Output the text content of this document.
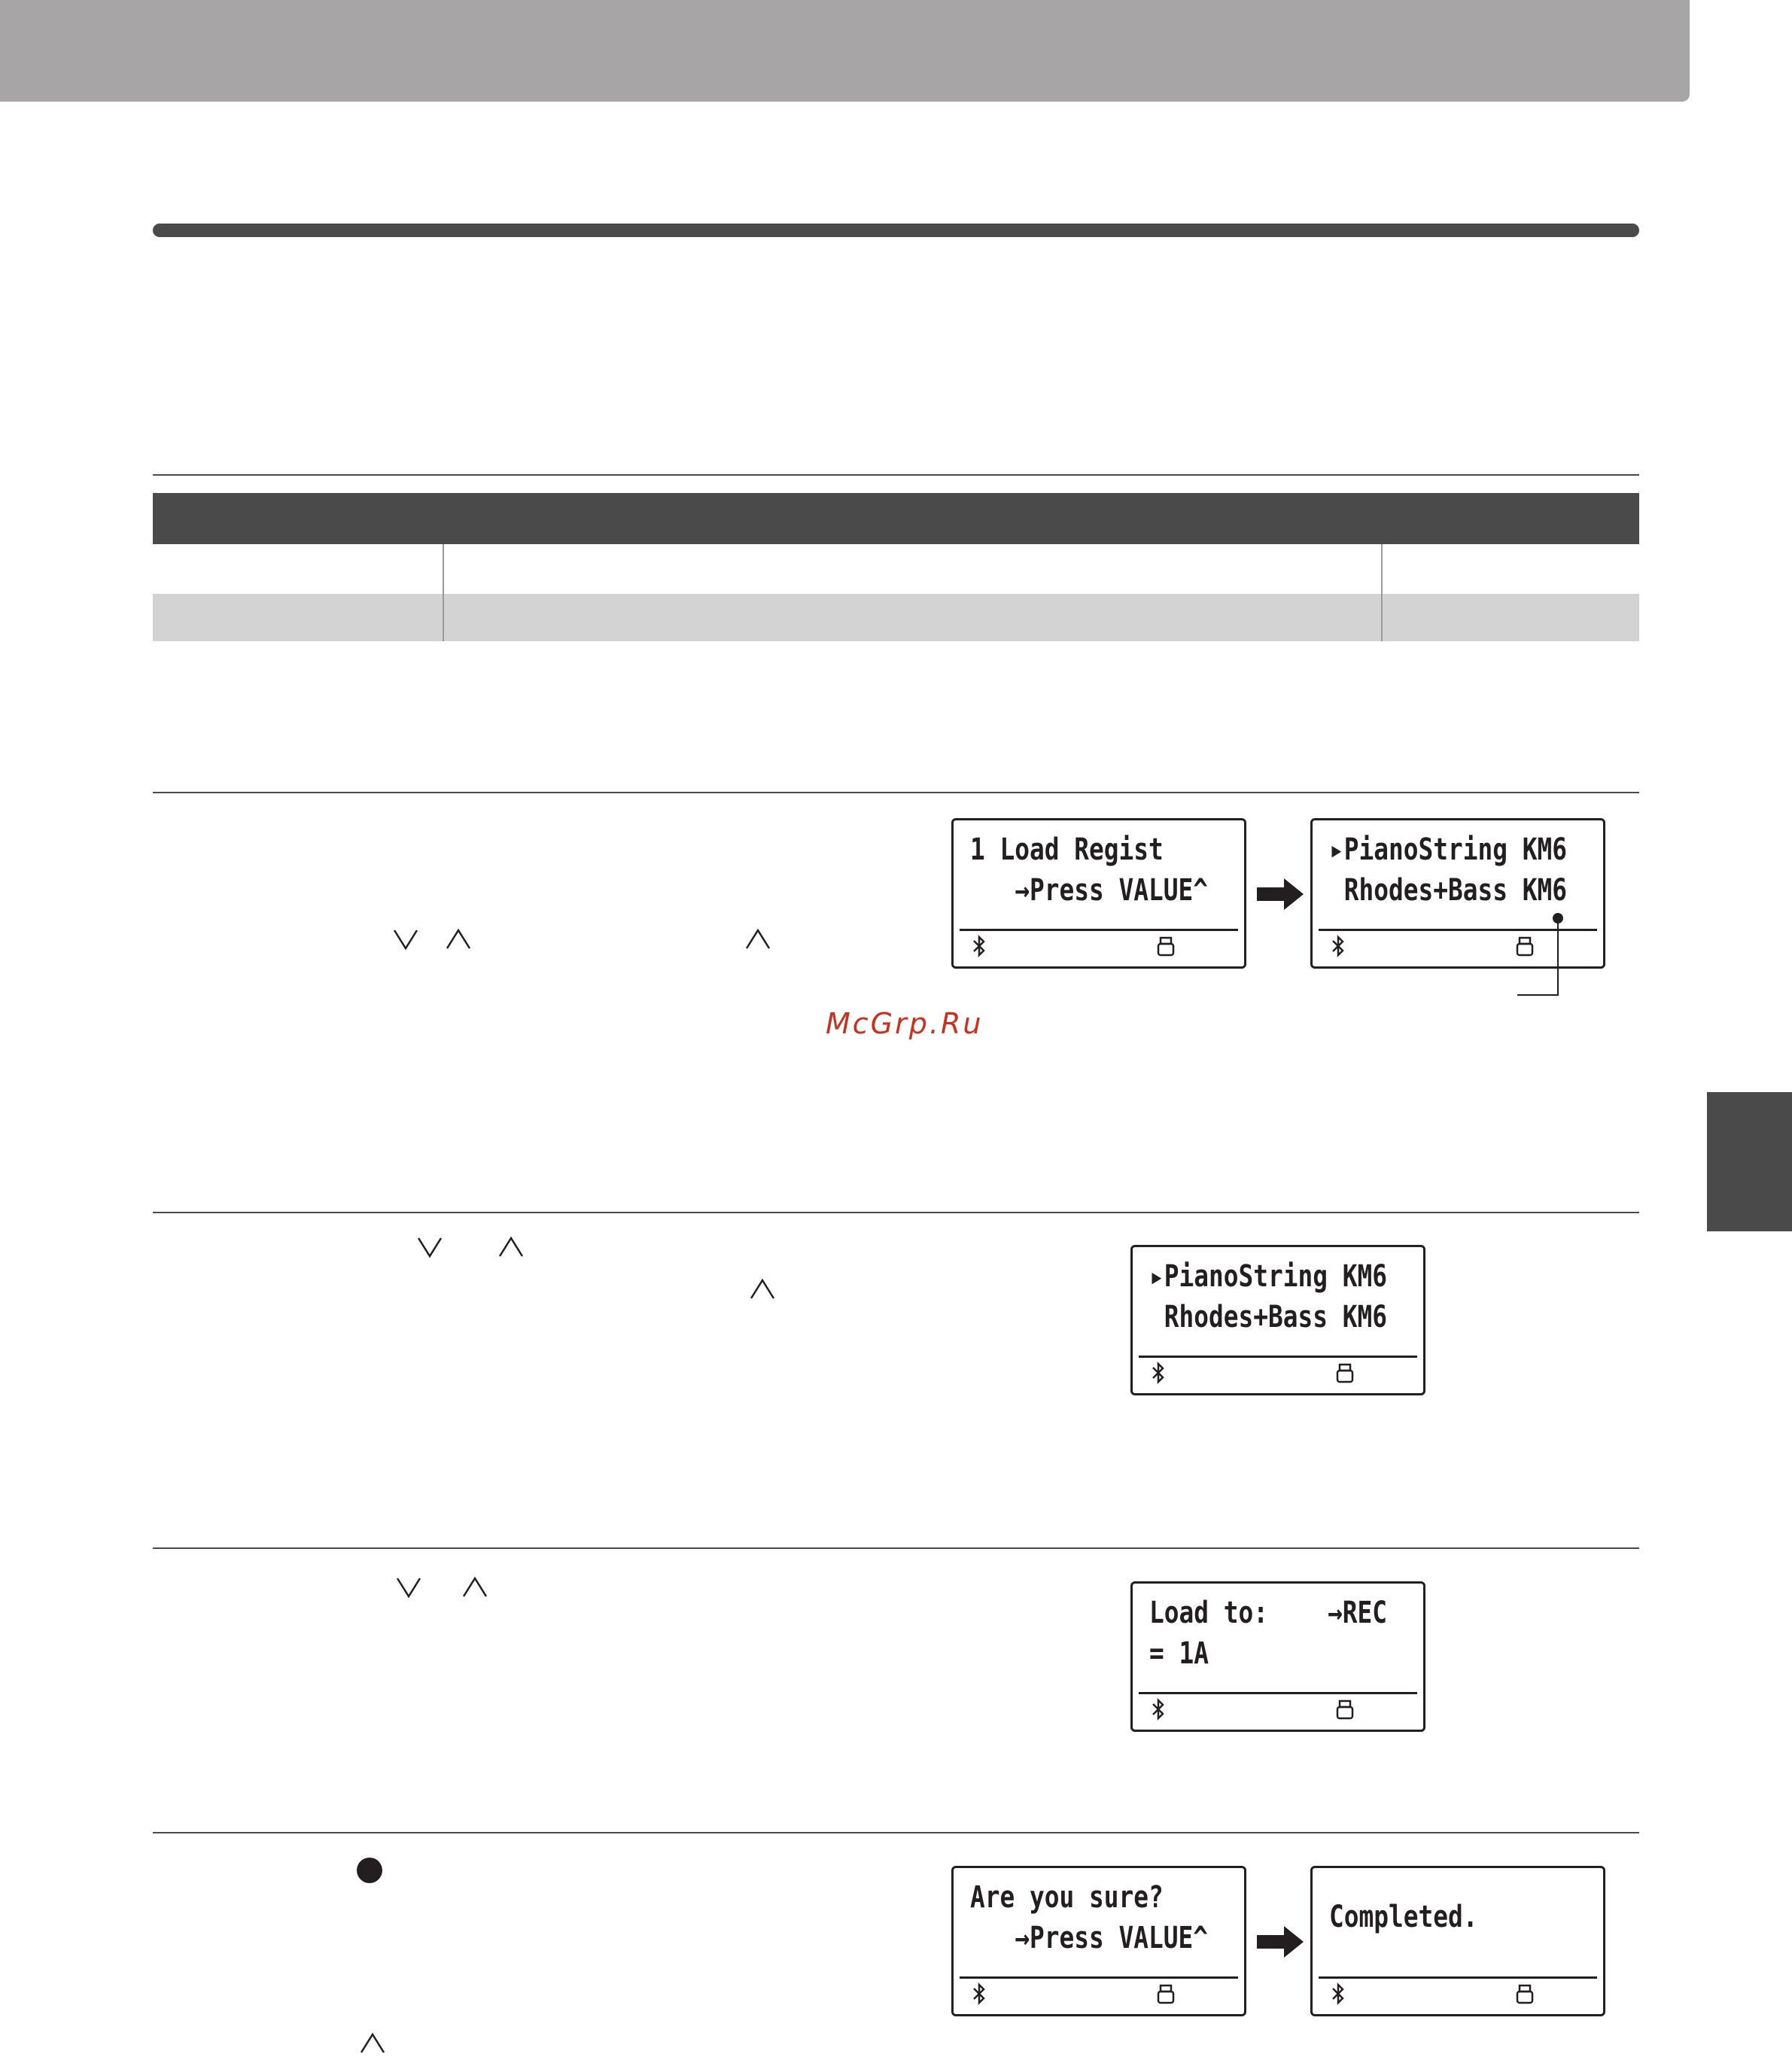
McGrp.Ru
1 Load Regist
→Press VALUE^
▸PianoString KM6
Rhodes+Bass KM6
▸PianoString KM6
Rhodes+Bass KM6
Load to:    →REC
= 1A
Are you sure?
→Press VALUE^
Completed.
